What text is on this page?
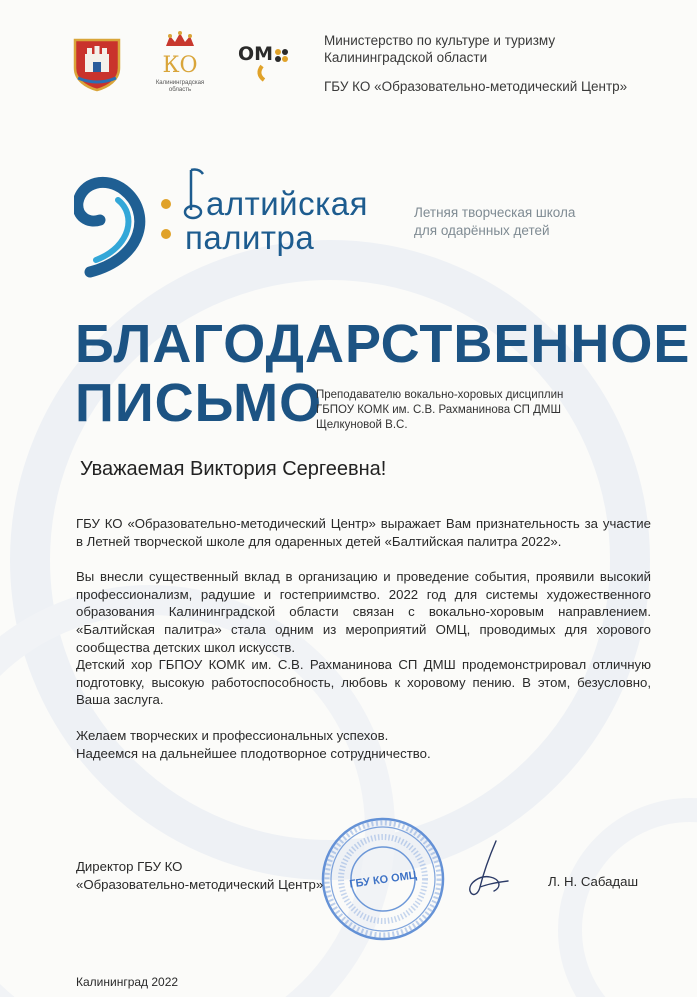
КО
Калининградская
область
ОМ
Министерство по культуре и туризму
Калининградской области
ГБУ КО «Образовательно-методический Центр»
алтийская
палитра
Летняя творческая школа
для одарённых детей
БЛАГОДАРСТВЕННОЕ
ПИСЬМО
Преподавателю вокально-хоровых дисциплин
ГБПОУ КОМК им. С.В. Рахманинова СП ДМШ
Щелкуновой В.С.
Уважаемая Виктория Сергеевна!

ГБУ КО «Образовательно-методический Центр» выражает Вам признательность за участие в Летней творческой школе для одаренных детей «Балтийская палитра 2022».

Вы внесли существенный вклад в организацию и проведение события, проявили высокий профессионализм, радушие и гостеприимство. 2022 год для системы художественного образования Калининградской области связан с вокально-хоровым направлением. «Балтийская палитра» стала одним из мероприятий ОМЦ, проводимых для хорового сообщества детских школ искусств.

Детский хор ГБПОУ КОМК им. С.В. Рахманинова СП ДМШ продемонстрировал отличную подготовку, высокую работоспособность, любовь к хоровому пению. В этом, безусловно, Ваша заслуга.

Желаем творческих и профессиональных успехов.

Надеемся на дальнейшее плодотворное сотрудничество.

ГБУ КО ОМЦ
Директор ГБУ КО
«Образовательно-методический Центр»	Л. Н. Сабадаш
Калининград 2022
